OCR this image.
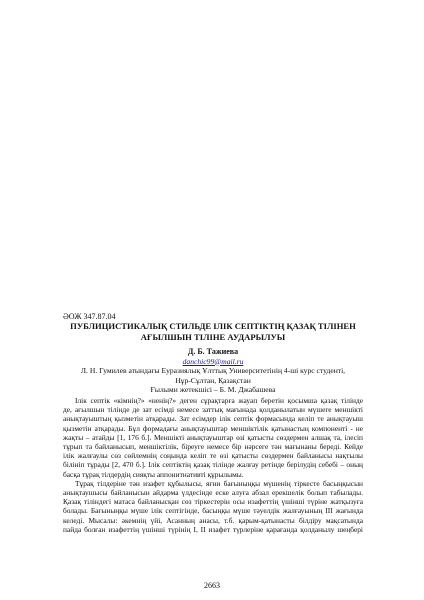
ӘОЖ 347.87.04
ПУБЛИЦИСТИКАЛЫҚ СТИЛЬДЕ ІЛІК СЕПТІКТІҢ ҚАЗАҚ ТІЛІНЕН
АҒЫЛШЫН ТІЛІНЕ АУДАРЫЛУЫ
Д. Б. Тажиева
danchic99@mail.ru
Л. Н. Гумилев атындағы Еуразиялық Ұлттық Университетінің 4-ші курс студенті,
Нұр-Сұлтан, Қазақстан
Ғылыми жетекшісі – Б. М. Джабашева
Ілік септік «кімнің?» «ненің?» деген сұрақтарға жауап беретін қосымша қазақ тілінде
де, ағылшын тілінде де зат есімді немесе заттық мағынада қолданылатын мүшеге меншікті
анықтауыштың қызметін атқарады. Зат есімдер ілік септік формасында келіп те анықтауыш
қызметін атқарады. Бұл формадағы анықтауыштар меншіктілік қатынастың компоненті - не
жақты – атайды [1, 176 б.]. Меншікті анықтауыштар өзі қатысты сөздермен алшақ та, ілесіп
тұрып та байланысып, меншіктілік, біреуге немесе бір нәрсеге тән мағынаны береді. Кейде
ілік жалғаулы сөз сөйлемнің соңында келіп те өзі қатысты сөздермен байланысы нақтылы
білініп тұрады [2, 470 б.]. Ілік септіктің қазақ тілінде жалғау ретінде берілудің себебі – оның
басқа тұрақ тілдердің сияқты аппонитнативті құрылымы.
Тұрақ тілдеріне тән изафет құбылысы, яғни бағыныңқы мүшенің тіркесте басыңқысын
анықтаушысы байланысын айдарма үлдесінде еске алуға абзал ерекшелік болып табылады.
Қазақ тіліндегі матаса байланысқан сөз тіркестерін осы изафеттің үшінші түріне жатқызуға
болады. Бағыныңқы мүше ілік септігінде, басыңқы мүше тәуелдік жалғауының III жағында
келеді. Мысалы: әкемнің үйі, Асанның анасы, т.б. қарым-қатынасты білдіру мақсатында
пайда болған изафеттің үшінші түрінің I, II изафет түрлеріне қарағанда қолданылу шеңбері
2663
